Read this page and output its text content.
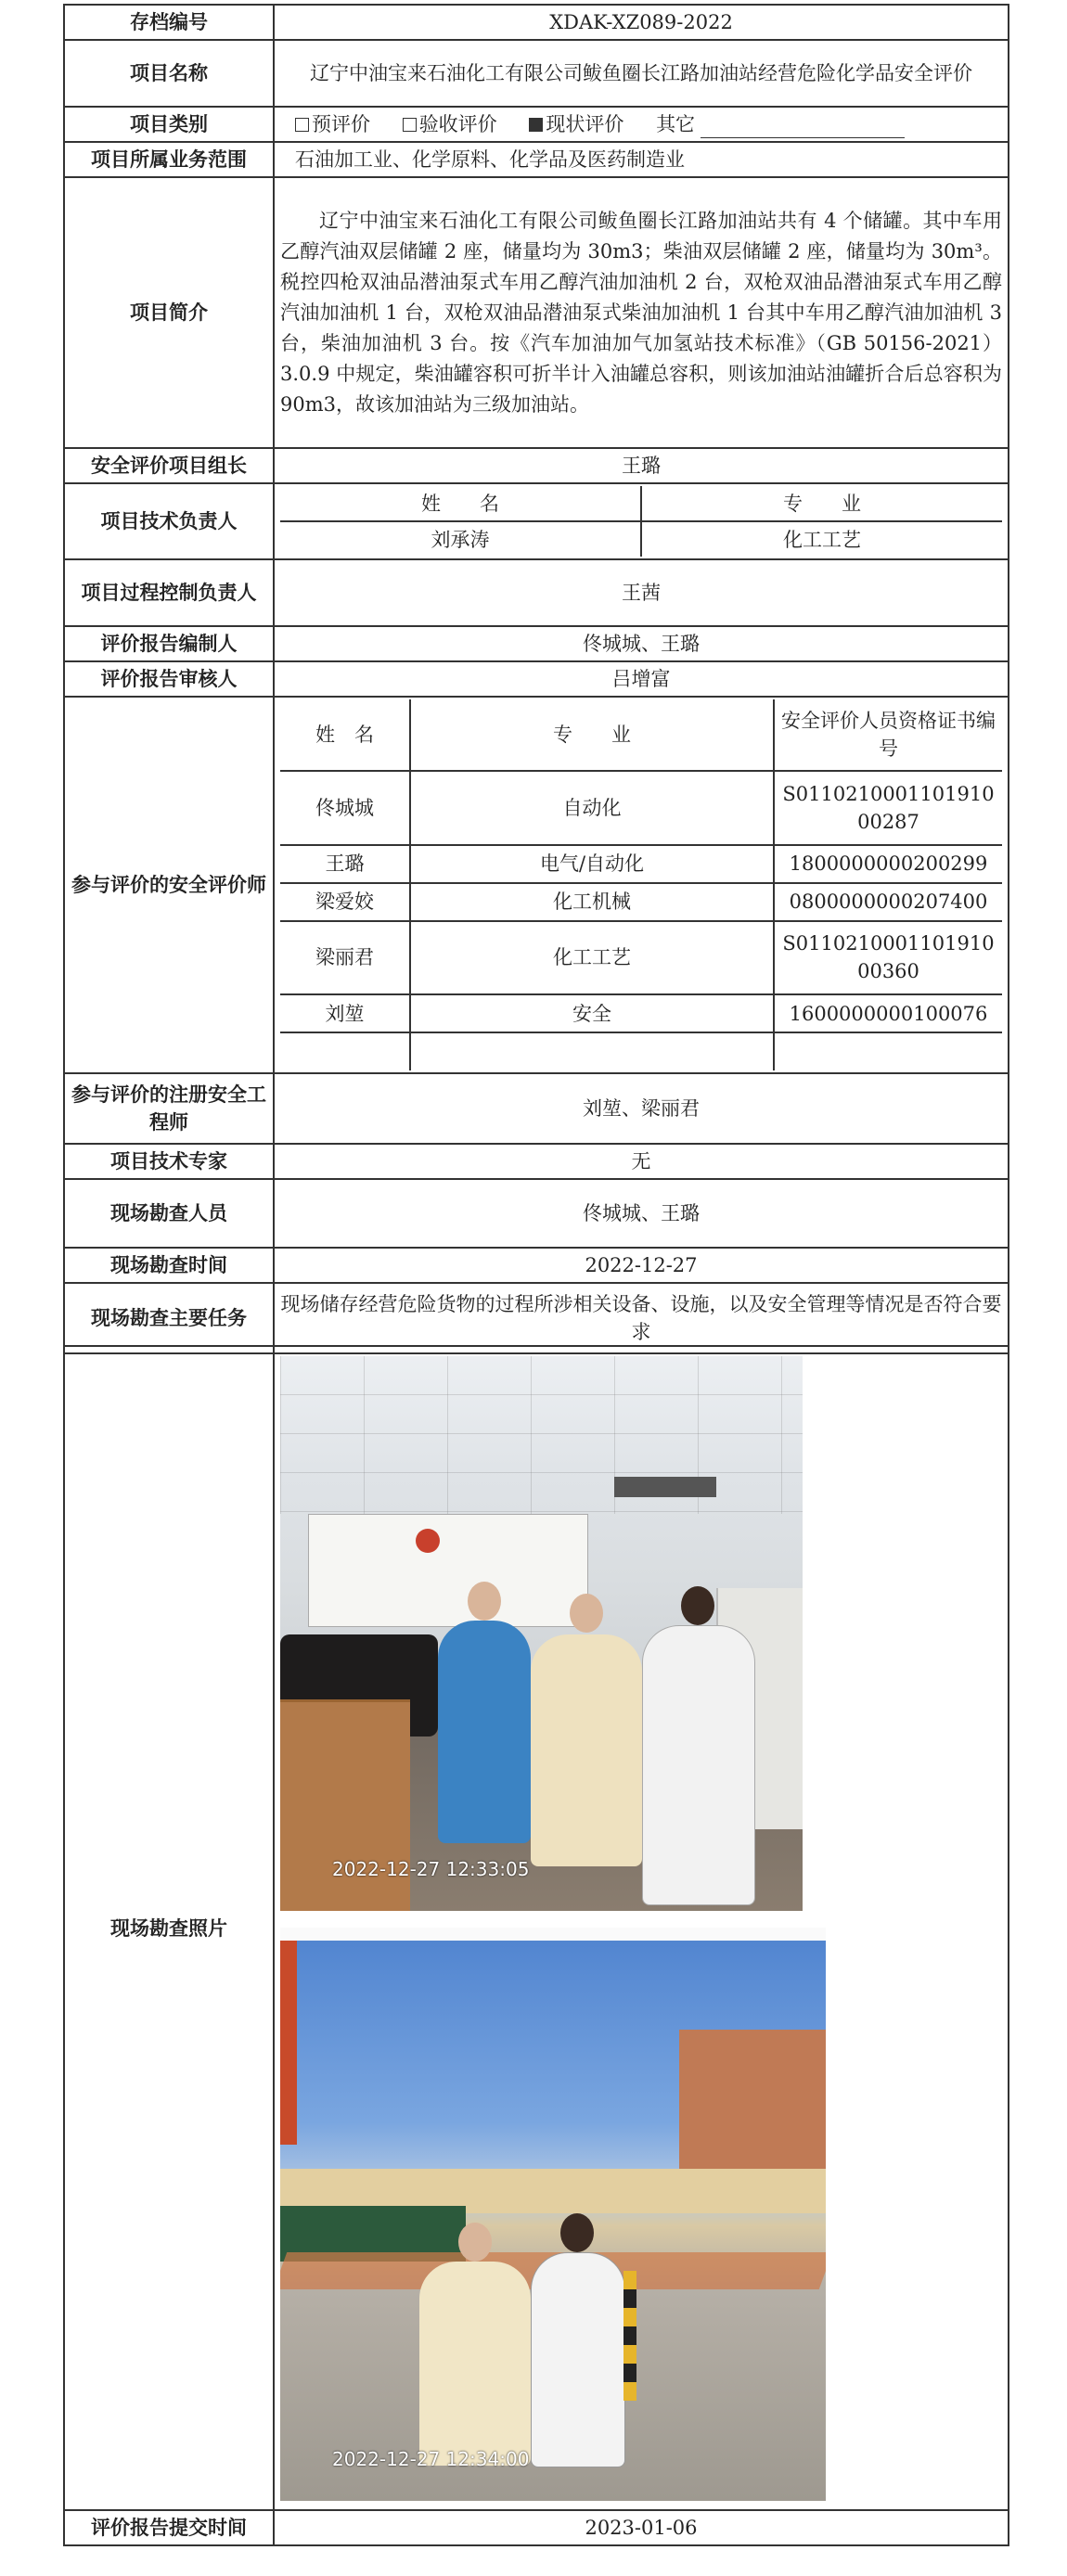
存档编号	XDAK-XZ089-2022
项目名称	辽宁中油宝来石油化工有限公司鲅鱼圈长江路加油站经营危险化学品安全评价
项目类别	预评价	验收评价	现状评价 其它
项目所属业务范围	石油加工业、化学原料、化学品及医药制造业
项目简介	辽宁中油宝来石油化工有限公司鲅鱼圈长江路加油站共有 4 个储罐。其中车用乙醇汽油双层储罐 2 座，储量均为 30m3；柴油双层储罐 2 座，储量均为 30m³。税控四枪双油品潜油泵式车用乙醇汽油加油机 2 台，双枪双油品潜油泵式车用乙醇汽油加油机 1 台，双枪双油品潜油泵式柴油加油机 1 台其中车用乙醇汽油加油机 3 台，柴油加油机 3 台。按《汽车加油加气加氢站技术标准》（GB 50156-2021）3.0.9 中规定，柴油罐容积可折半计入油罐总容积，则该加油站油罐折合后总容积为 90m3，故该加油站为三级加油站。
安全评价项目组长	王璐
项目技术负责人	
姓　　名	专　　业
刘承涛	化工工艺

项目过程控制负责人	王茜
评价报告编制人	佟城城、王璐
评价报告审核人	吕增富
参与评价的安全评价师	
姓　名	专　　业	安全评价人员资格证书编号
佟城城	自动化	S011021000110191000287
王璐	电气/自动化	1800000000200299
梁爱姣	化工机械	0800000000207400
梁丽君	化工工艺	S011021000110191000360
刘堃	安全	1600000000100076

参与评价的注册安全工程师	刘堃、梁丽君
项目技术专家	无
现场勘查人员	佟城城、王璐
现场勘查时间	2022-12-27
现场勘查主要任务	现场储存经营危险货物的过程所涉相关设备、设施，以及安全管理等情况是否符合要求
现场勘查照片	2022-12-27 12:33:05
2022-12-27 12:34:00

评价报告提交时间	2023-01-06
